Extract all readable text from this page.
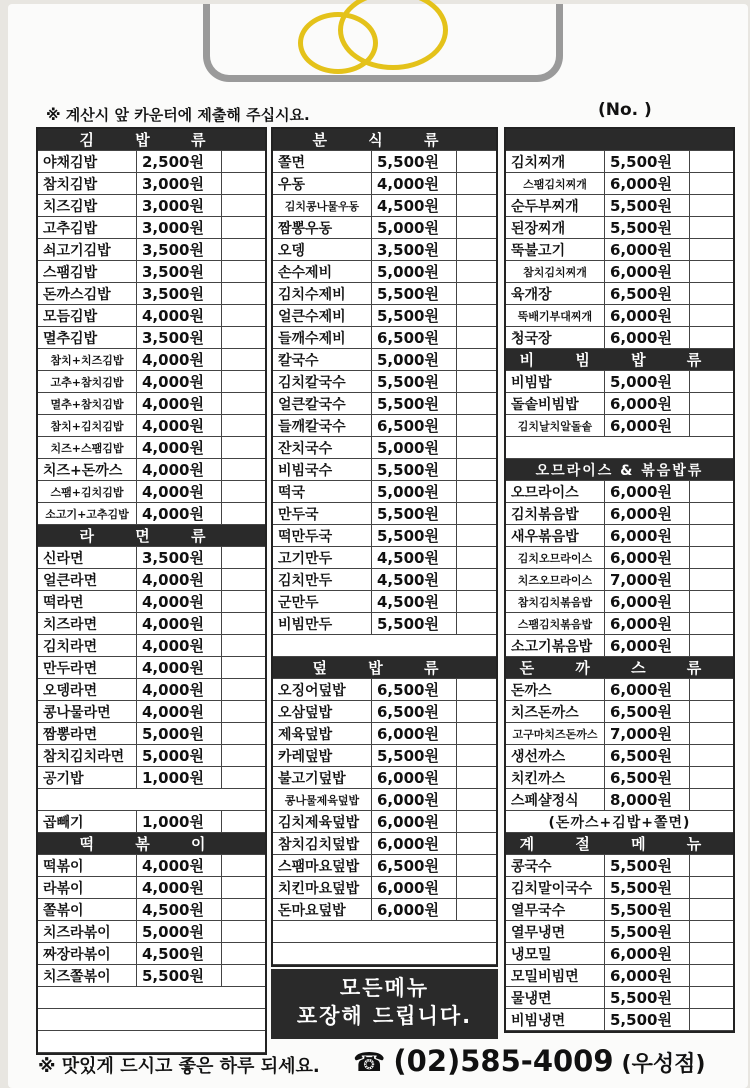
※ 계산시 앞 카운터에 제출해 주십시요.	(No. )
김 밥 류
야채김밥	2,500원
참치김밥	3,000원
치즈김밥	3,000원
고추김밥	3,000원
쇠고기김밥	3,500원
스팸김밥	3,500원
돈까스김밥	3,500원
모듬김밥	4,000원
멸추김밥	3,500원
참치+치즈김밥	4,000원
고추+참치김밥	4,000원
멸추+참치김밥	4,000원
참치+김치김밥	4,000원
치즈+스팸김밥	4,000원
치즈+돈까스	4,000원
스팸+김치김밥	4,000원
소고기+고추김밥 4,000원
라 면 류
신라면	3,500원
얼큰라면	4,000원
떡라면	4,000원
치즈라면	4,000원
김치라면	4,000원
만두라면	4,000원
오뎅라면	4,000원
콩나물라면	4,000원
짬뽕라면	5,000원
참치김치라면	5,000원
공기밥	1,000원
곱빼기	1,000원
떡 볶 이
떡볶이	4,000원
라볶이	4,000원
쫄볶이	4,500원
치즈라볶이	5,000원
짜장라볶이	4,500원
치즈쫄볶이	5,500원
분 식 류
쫄면	5,500원
우동	4,000원
김치콩나물우동	4,500원
짬뽕우동	5,000원
오뎅	3,500원
손수제비	5,000원
김치수제비	5,500원
얼큰수제비	5,500원
들깨수제비	6,500원
칼국수	5,000원
김치칼국수	5,500원
얼큰칼국수	5,500원
들깨칼국수	6,500원
잔치국수	5,000원
비빔국수	5,500원
떡국	5,000원
만두국	5,500원
떡만두국	5,500원
고기만두	4,500원
김치만두	4,500원
군만두	4,500원
비빔만두	5,500원
덮 밥 류
오징어덮밥	6,500원
오삼덮밥	6,500원
제육덮밥	6,000원
카레덮밥	5,500원
불고기덮밥	6,000원
콩나물제육덮밥	6,000원
김치제육덮밥	6,000원
참치김치덮밥	6,000원
스팸마요덮밥	6,500원
치킨마요덮밥	6,000원
돈마요덮밥	6,000원
김치찌개	5,500원
스팸김치찌개	6,000원
순두부찌개	5,500원
된장찌개	5,500원
뚝불고기	6,000원
참치김치찌개	6,000원
육개장	6,500원
뚝배기부대찌개	6,000원
청국장	6,000원
비 빔 밥 류
비빔밥	5,000원
돌솥비빔밥	6,000원
김치날치알돌솥	6,000원
오므라이스 & 볶음밥류
오므라이스	6,000원
김치볶음밥	6,000원
새우볶음밥	6,000원
김치오므라이스	6,000원
치즈오므라이스	7,000원
참치김치볶음밥	6,000원
스팸김치볶음밥	6,000원
소고기볶음밥	6,000원
돈 까 스 류
돈까스	6,000원
치즈돈까스	6,500원
고구마치즈돈까스 7,000원
생선까스	6,500원
치킨까스	6,500원
스페샬정식	8,000원
(돈까스+김밥+쫄면)
계 절 메 뉴
콩국수	5,500원
김치말이국수	5,500원
열무국수	5,500원
열무냉면	5,500원
냉모밀	6,000원
모밀비빔면	6,000원
물냉면	5,500원
비빔냉면	5,500원
모든메뉴
포장해 드립니다.
※ 맛있게 드시고 좋은 하루 되세요. ☎ (02)585-4009 (우성점)
